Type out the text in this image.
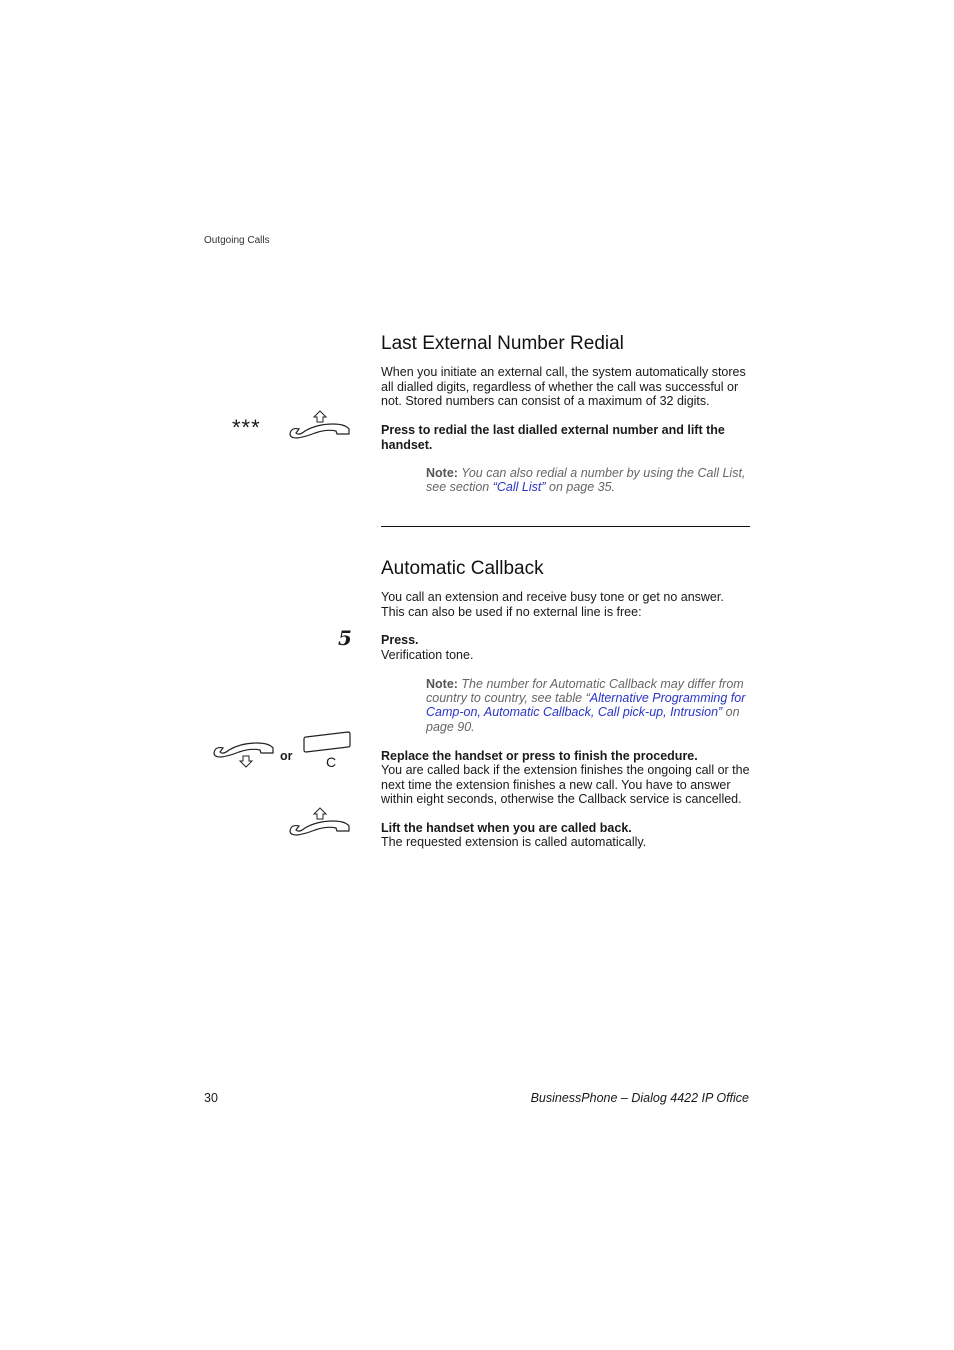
Outgoing Calls
Last External Number Redial
When you initiate an external call, the system automatically stores all dialled digits, regardless of whether the call was successful or not. Stored numbers can consist of a maximum of 32 digits.
***	Press to redial the last dialled external number and lift the handset.
Note: You can also redial a number by using the Call List, see section “Call List” on page 35.
Automatic Callback
You call an extension and receive busy tone or get no answer. This can also be used if no external line is free:
5 Press.
Verification tone.
Note: The number for Automatic Callback may differ from country to country, see table “Alternative Programming for Camp-on, Automatic Callback, Call pick-up, Intrusion” on page 90.
or C	Replace the handset or press to finish the procedure.
You are called back if the extension finishes the ongoing call or the next time the extension finishes a new call. You have to answer within eight seconds, otherwise the Callback service is cancelled.
Lift the handset when you are called back.
The requested extension is called automatically.
30	BusinessPhone – Dialog 4422 IP Office
